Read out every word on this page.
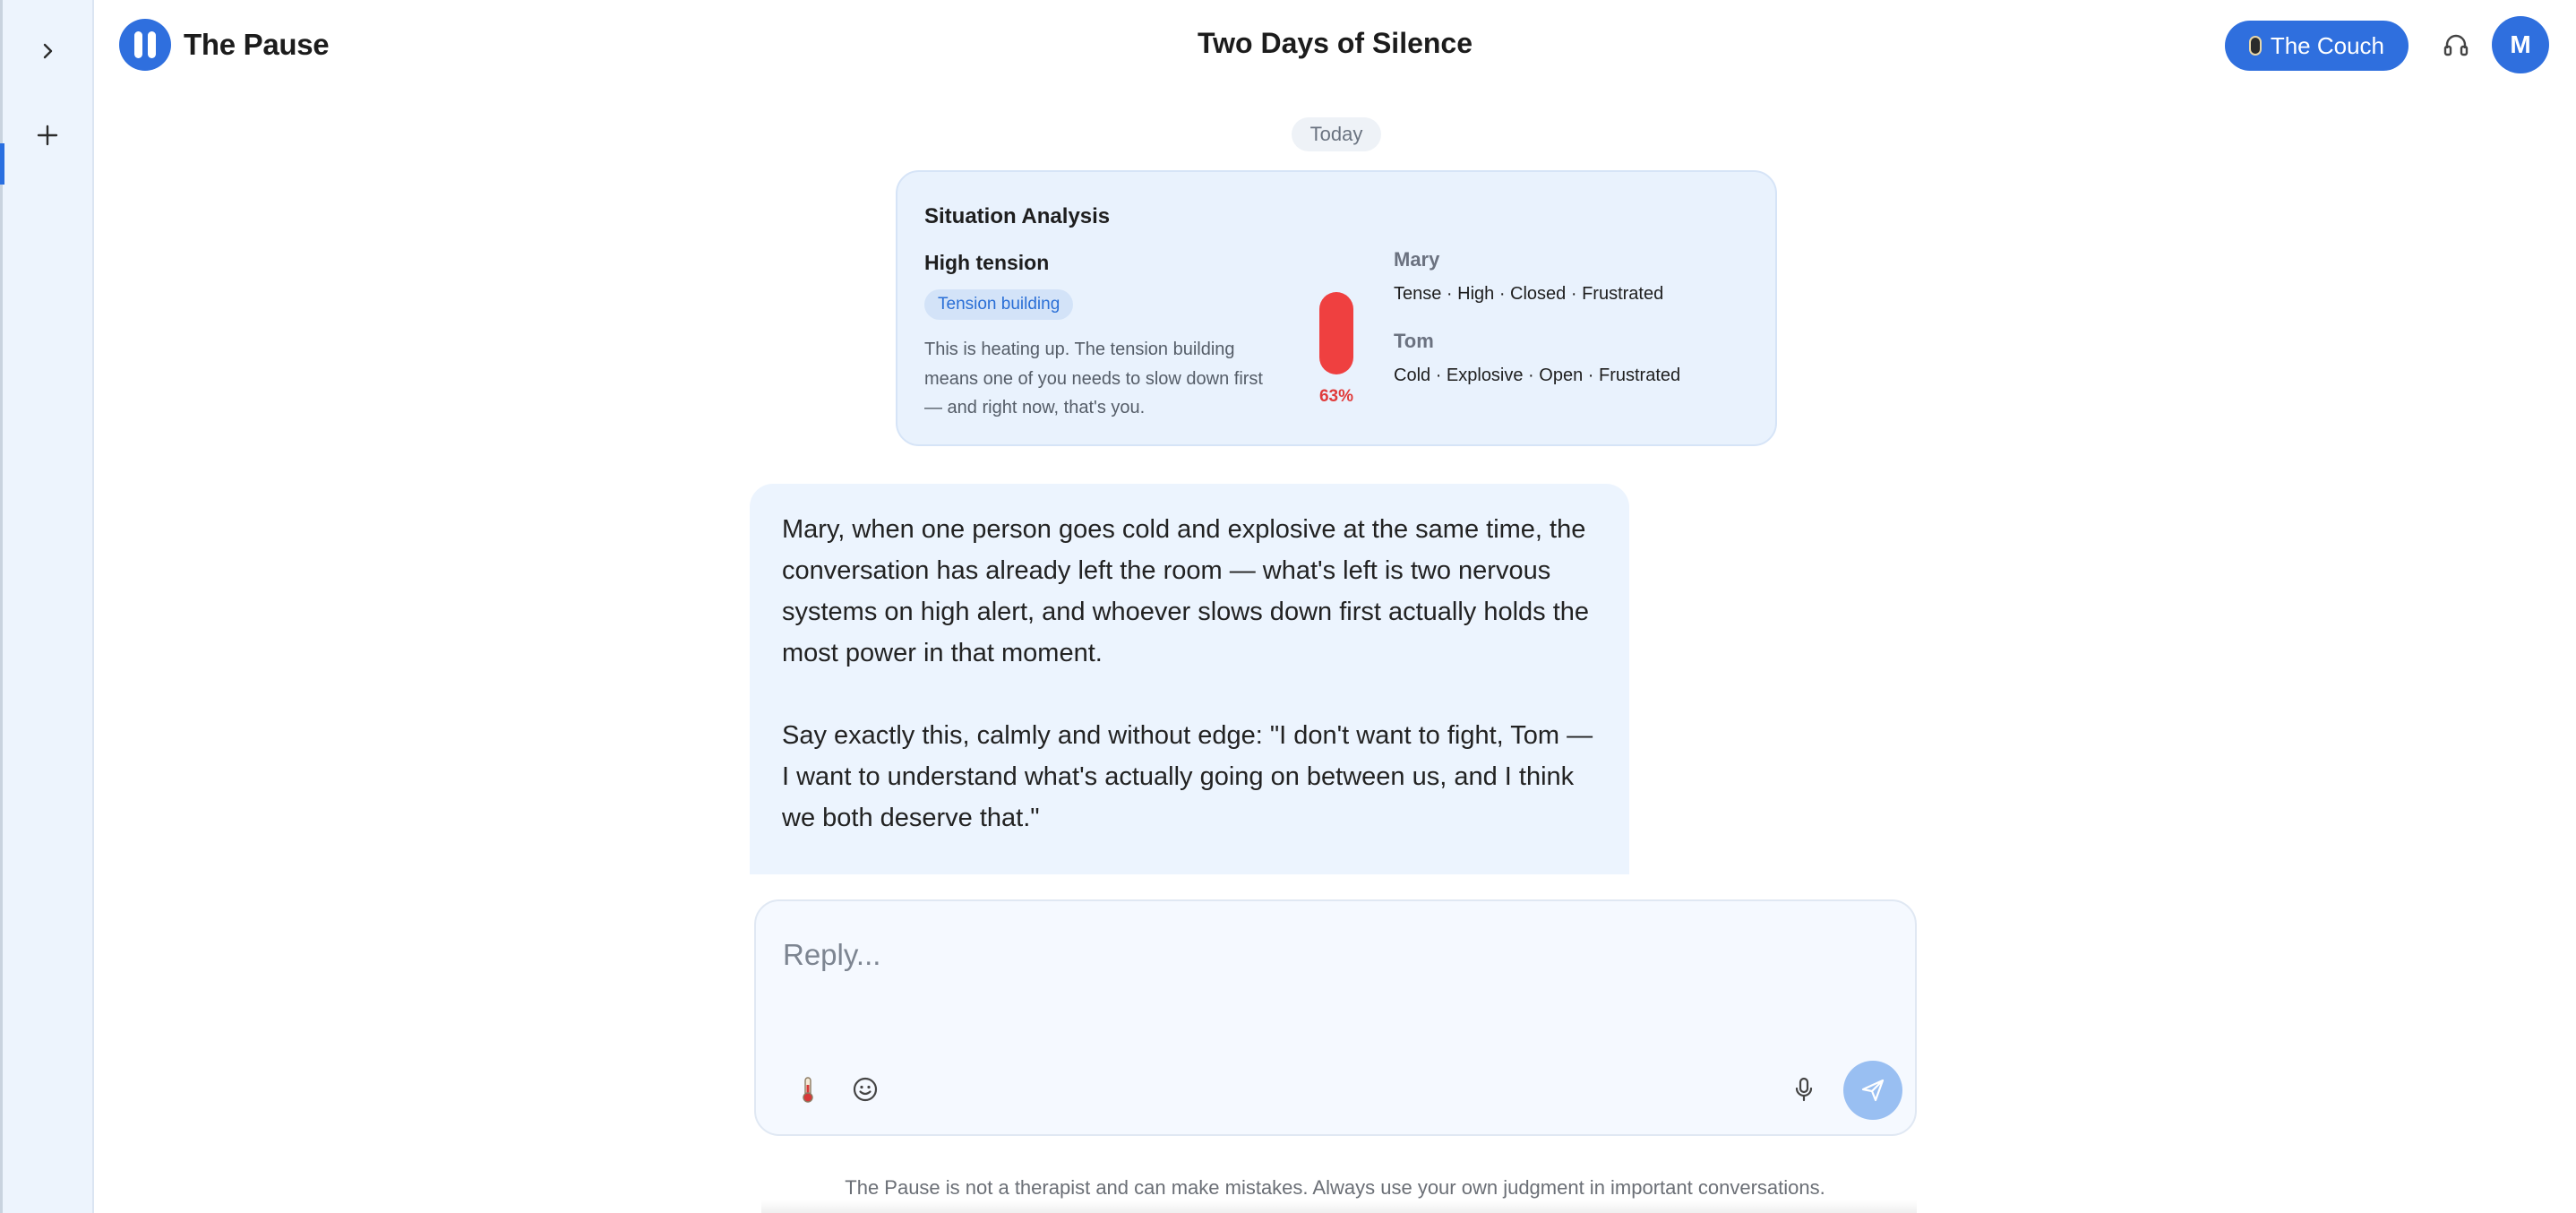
The Pause	Two Days of Silence	The Couch	M
Today
Situation Analysis
High tension
Tension building
This is heating up. The tension building means one of you needs to slow down first — and right now, that's you.
63%
Mary
Tense · High · Closed · Frustrated
Tom
Cold · Explosive · Open · Frustrated

Mary, when one person goes cold and explosive at the same time, the conversation has already left the room — what's left is two nervous systems on high alert, and whoever slows down first actually holds the most power in that moment.

Say exactly this, calmly and without edge: "I don't want to fight, Tom — I want to understand what's actually going on between us, and I think we both deserve that."

Reply...
The Pause is not a therapist and can make mistakes. Always use your own judgment in important conversations.
